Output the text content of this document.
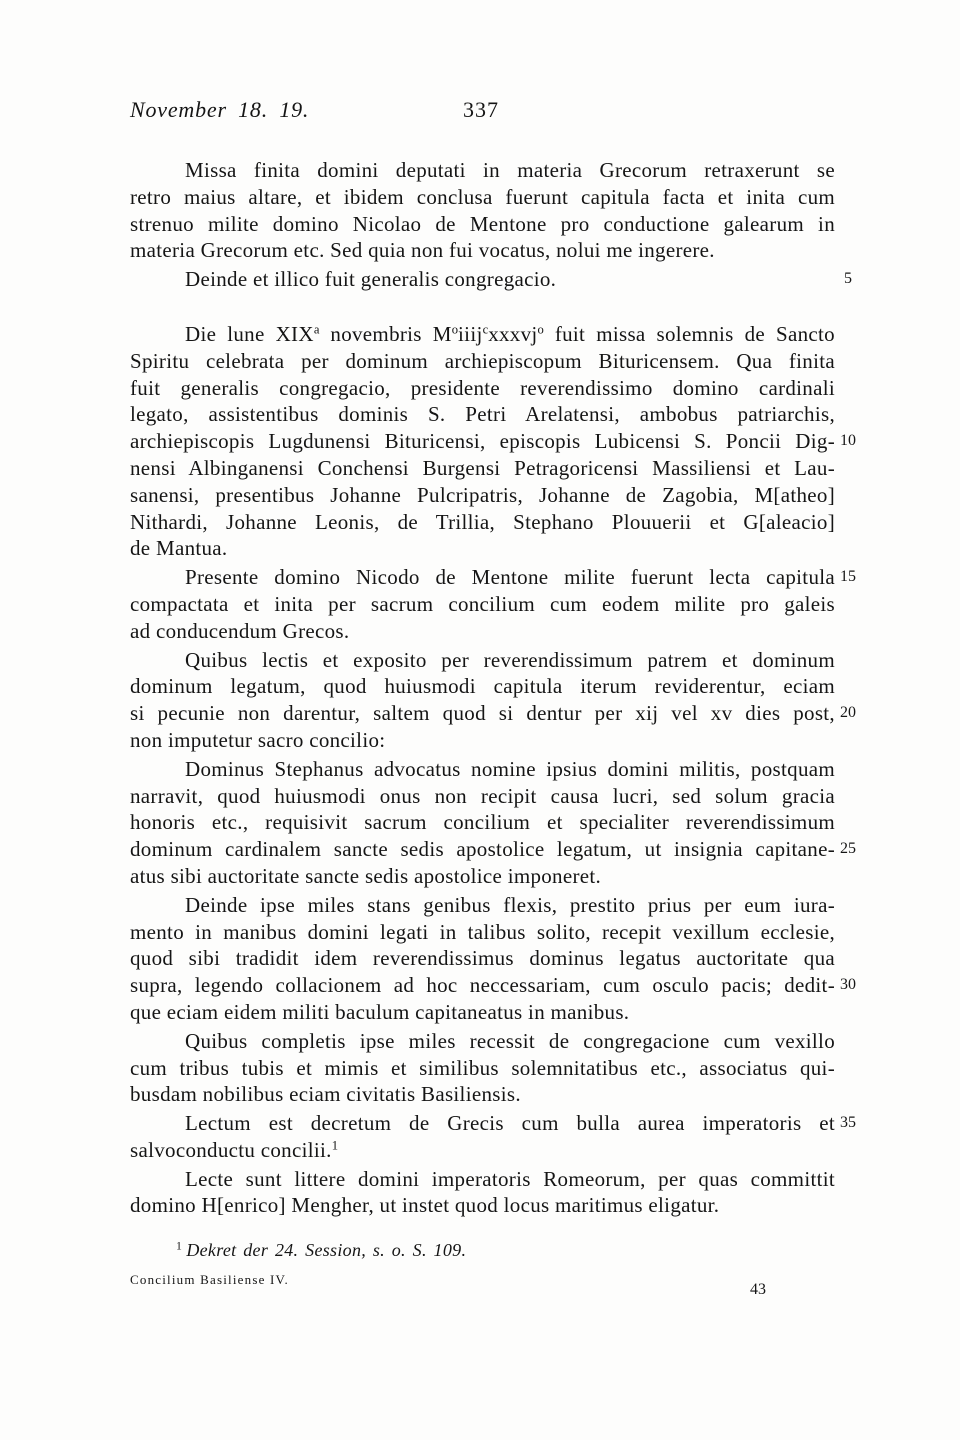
November 18. 19.	337
Missa finita domini deputati in materia Grecorum retraxerunt se
retro maius altare, et ibidem conclusa fuerunt capitula facta et inita cum
strenuo milite domino Nicolao de Mentone pro conductione galearum in
materia Grecorum etc. Sed quia non fui vocatus, nolui me ingerere.
Deinde et illico fuit generalis congregacio.	5
Die lune XIX$^a$ novembris $M^oiiij^cxxxvj^o$ fuit missa solemnis de Sancto
Spiritu celebrata per dominum archiepiscopum Bituricensem. Qua finita
fuit generalis congregacio, presidente reverendissimo domino cardinali
legato, assistentibus dominis S. Petri Arelatensi, ambobus patriarchis,
archiepiscopis Lugdunensi Bituricensi, episcopis Lubicensi S. Poncii Dig- 10
nensi Albinganensi Conchensi Burgensi Petragoricensi Massiliensi et Lau-
sanensi, presentibus Johanne Pulcripatris, Johanne de Zagobia, M[atheo]
Nithardi, Johanne Leonis, de Trillia, Stephano Plouuerii et G[aleacio]
de Mantua.
Presente domino Nicodo de Mentone milite fuerunt lecta capitula 15
compactata et inita per sacrum concilium cum eodem milite pro galeis
ad conducendum Grecos.
Quibus lectis et exposito per reverendissimum patrem et dominum
dominum legatum, quod huiusmodi capitula iterum reviderentur, eciam
si pecunie non darentur, saltem quod si dentur per xij vel xv dies post, 20
non imputetur sacro concilio:
Dominus Stephanus advocatus nomine ipsius domini militis, postquam
narravit, quod huiusmodi onus non recipit causa lucri, sed solum gracia
honoris etc., requisivit sacrum concilium et specialiter reverendissimum
dominum cardinalem sancte sedis apostolice legatum, ut insignia capitane- 25
atus sibi auctoritate sancte sedis apostolice imponeret.
Deinde ipse miles stans genibus flexis, prestito prius per eum iura-
mento in manibus domini legati in talibus solito, recepit vexillum ecclesie,
quod sibi tradidit idem reverendissimus dominus legatus auctoritate qua
supra, legendo collacionem ad hoc neccessariam, cum osculo pacis; dedit- 30
que eciam eidem militi baculum capitaneatus in manibus.
Quibus completis ipse miles recessit de congregacione cum vexillo
cum tribus tubis et mimis et similibus solemnitatibus etc., associatus qui-
busdam nobilibus eciam civitatis Basiliensis.
Lectum est decretum de Grecis cum bulla aurea imperatoris et 35
salvoconductu concilii.$^1$
Lecte sunt littere domini imperatoris Romeorum, per quas committit
domino H[enrico] Mengher, ut instet quod locus maritimus eligatur.
$^1$ Dekret der 24. Session, s. o. S. 109.
Concilium Basiliense IV.
43
